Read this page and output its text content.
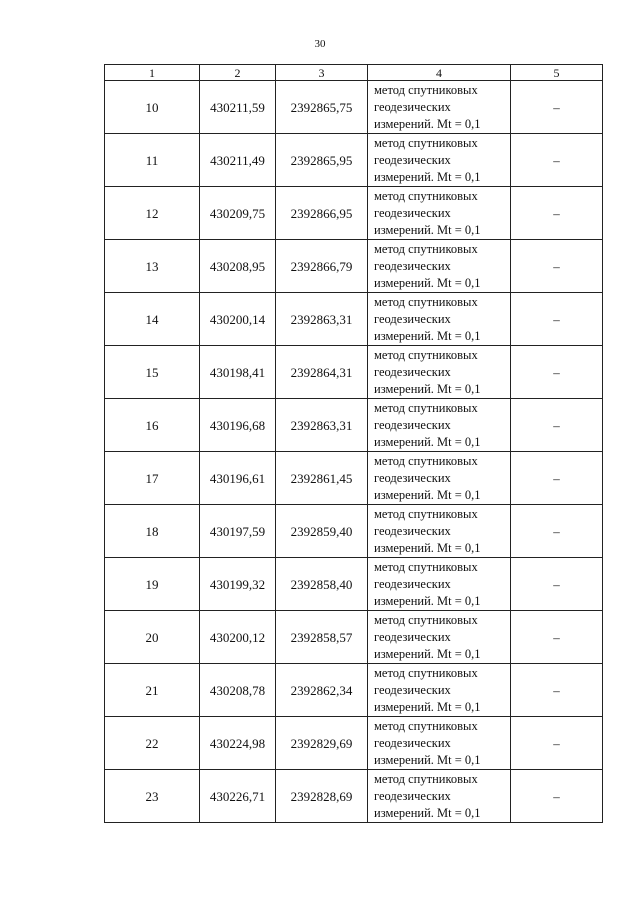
30
1	2	3	4	5
10	430211,59	2392865,75	метод спутниковых
геодезических
измерений. Mt = 0,1	–
11	430211,49	2392865,95	метод спутниковых
геодезических
измерений. Mt = 0,1	–
12	430209,75	2392866,95	метод спутниковых
геодезических
измерений. Mt = 0,1	–
13	430208,95	2392866,79	метод спутниковых
геодезических
измерений. Mt = 0,1	–
14	430200,14	2392863,31	метод спутниковых
геодезических
измерений. Mt = 0,1	–
15	430198,41	2392864,31	метод спутниковых
геодезических
измерений. Mt = 0,1	–
16	430196,68	2392863,31	метод спутниковых
геодезических
измерений. Mt = 0,1	–
17	430196,61	2392861,45	метод спутниковых
геодезических
измерений. Mt = 0,1	–
18	430197,59	2392859,40	метод спутниковых
геодезических
измерений. Mt = 0,1	–
19	430199,32	2392858,40	метод спутниковых
геодезических
измерений. Mt = 0,1	–
20	430200,12	2392858,57	метод спутниковых
геодезических
измерений. Mt = 0,1	–
21	430208,78	2392862,34	метод спутниковых
геодезических
измерений. Mt = 0,1	–
22	430224,98	2392829,69	метод спутниковых
геодезических
измерений. Mt = 0,1	–
23	430226,71	2392828,69	метод спутниковых
геодезических
измерений. Mt = 0,1	–
